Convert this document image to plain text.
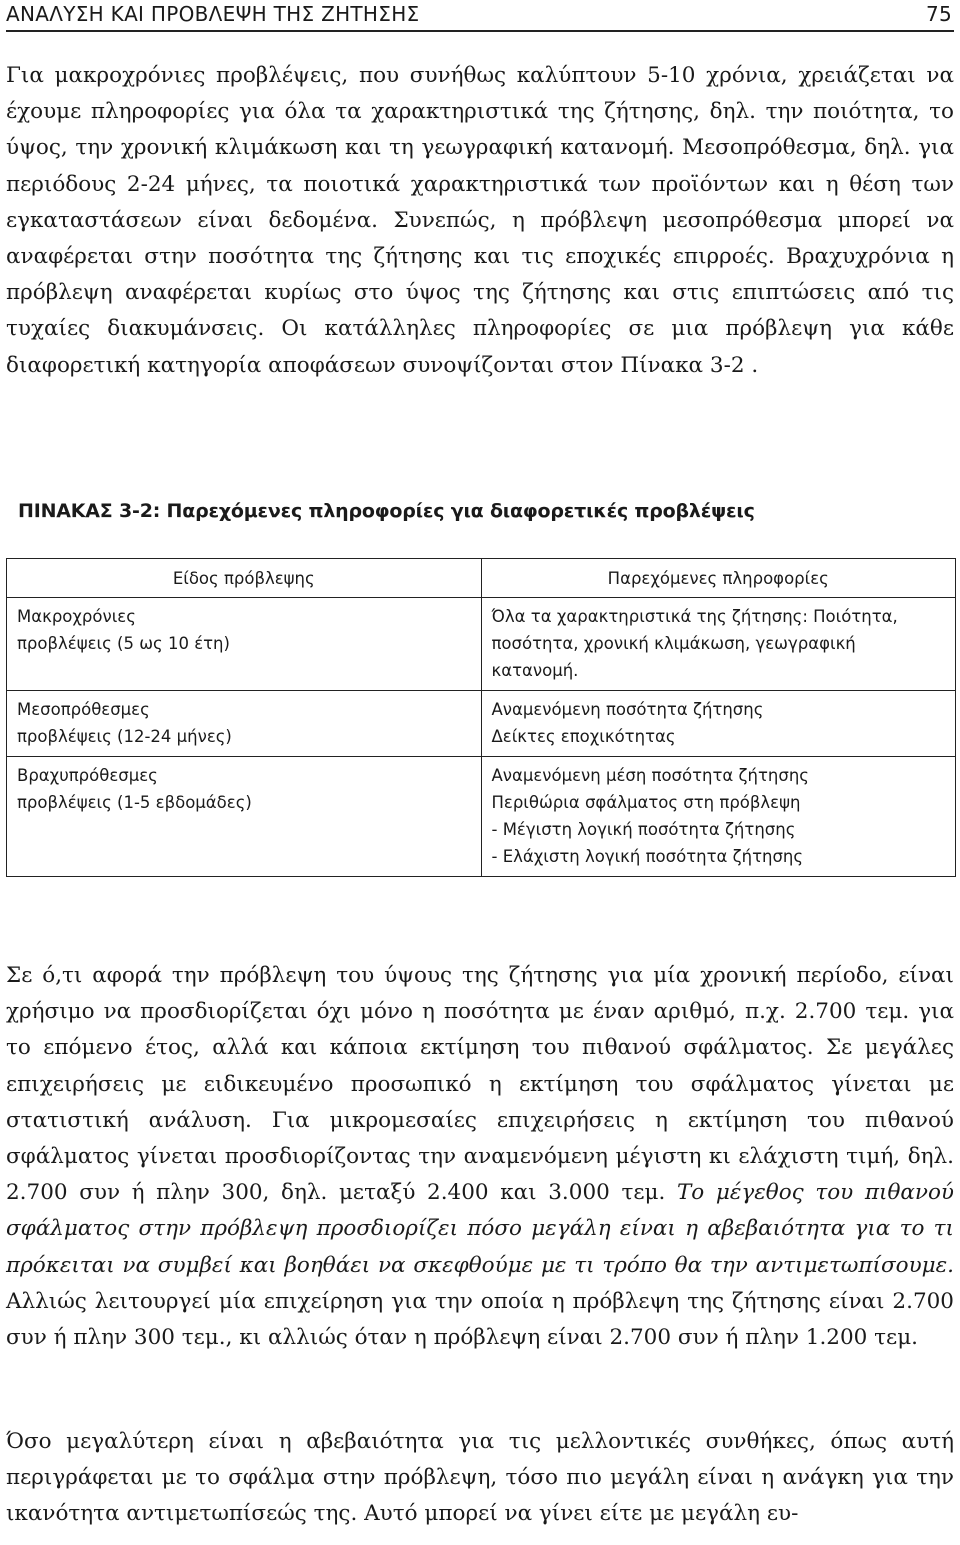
ΑΝΑΛΥΣΗ ΚΑΙ ΠΡΟΒΛΕΨΗ ΤΗΣ ΖΗΤΗΣΗΣ	75

Για μακροχρόνιες προβλέψεις, που συνήθως καλύπτουν 5-10 χρόνια, χρειάζεται να έχουμε πληροφορίες για όλα τα χαρακτηριστικά της ζήτησης, δηλ. την ποιότητα, το ύψος, την χρονική κλιμάκωση και τη γεωγραφική κατανομή. Μεσοπρόθεσμα, δηλ. για περιόδους 2-24 μήνες, τα ποιοτικά χαρακτηριστικά των προϊόντων και η θέση των εγκαταστάσεων είναι δεδομένα. Συνεπώς, η πρόβλεψη μεσοπρόθεσμα μπορεί να αναφέρεται στην ποσότητα της ζήτησης και τις εποχικές επιρροές. Βραχυχρόνια η πρόβλεψη αναφέρεται κυρίως στο ύψος της ζήτησης και στις επιπτώσεις από τις τυχαίες διακυμάνσεις. Οι κατάλληλες πληροφορίες σε μια πρόβλεψη για κάθε διαφορετική κατηγορία αποφάσεων συνοψίζονται στον Πίνακα 3-2 .

ΠΙΝΑΚΑΣ 3-2: Παρεχόμενες πληροφορίες για διαφορετικές προβλέψεις
Είδος πρόβλεψης	Παρεχόμενες πληροφορίες

Μακροχρόνιες
προβλέψεις (5 ως 10 έτη)	Όλα τα χαρακτηριστικά της ζήτησης: Ποιότητα,
ποσότητα, χρονική κλιμάκωση, γεωγραφική
κατανομή.

Μεσοπρόθεσμες
προβλέψεις (12-24 μήνες)	Αναμενόμενη ποσότητα ζήτησης
Δείκτες εποχικότητας

Βραχυπρόθεσμες
προβλέψεις (1-5 εβδομάδες)	Αναμενόμενη μέση ποσότητα ζήτησης
Περιθώρια σφάλματος στη πρόβλεψη
- Μέγιστη λογική ποσότητα ζήτησης
- Ελάχιστη λογική ποσότητα ζήτησης

Σε ό,τι αφορά την πρόβλεψη του ύψους της ζήτησης για μία χρονική περίοδο, είναι χρήσιμο να προσδιορίζεται όχι μόνο η ποσότητα με έναν αριθμό, π.χ. 2.700 τεμ. για το επόμενο έτος, αλλά και κάποια εκτίμηση του πιθανού σφάλματος. Σε μεγάλες επιχειρήσεις με ειδικευμένο προσωπικό η εκτίμηση του σφάλματος γίνεται με στατιστική ανάλυση. Για μικρομεσαίες επιχειρήσεις η εκτίμηση του πιθανού σφάλματος γίνεται προσδιορίζοντας την αναμενόμενη μέγιστη κι ελάχιστη τιμή, δηλ. 2.700 συν ή πλην 300, δηλ. μεταξύ 2.400 και 3.000 τεμ. Το μέγεθος του πιθανού σφάλματος στην πρόβλεψη προσδιορίζει πόσο μεγάλη είναι η αβεβαιότητα για το τι πρόκειται να συμβεί και βοηθάει να σκεφθούμε με τι τρόπο θα την αντιμετωπίσουμε. Αλλιώς λειτουργεί μία επιχείρηση για την οποία η πρόβλεψη της ζήτησης είναι 2.700 συν ή πλην 300 τεμ., κι αλλιώς όταν η πρόβλεψη είναι 2.700 συν ή πλην 1.200 τεμ.

Όσο μεγαλύτερη είναι η αβεβαιότητα για τις μελλοντικές συνθήκες, όπως αυτή περιγράφεται με το σφάλμα στην πρόβλεψη, τόσο πιο μεγάλη είναι η ανάγκη για την ικανότητα αντιμετωπίσεώς της. Αυτό μπορεί να γίνει είτε με μεγάλη ευ-
